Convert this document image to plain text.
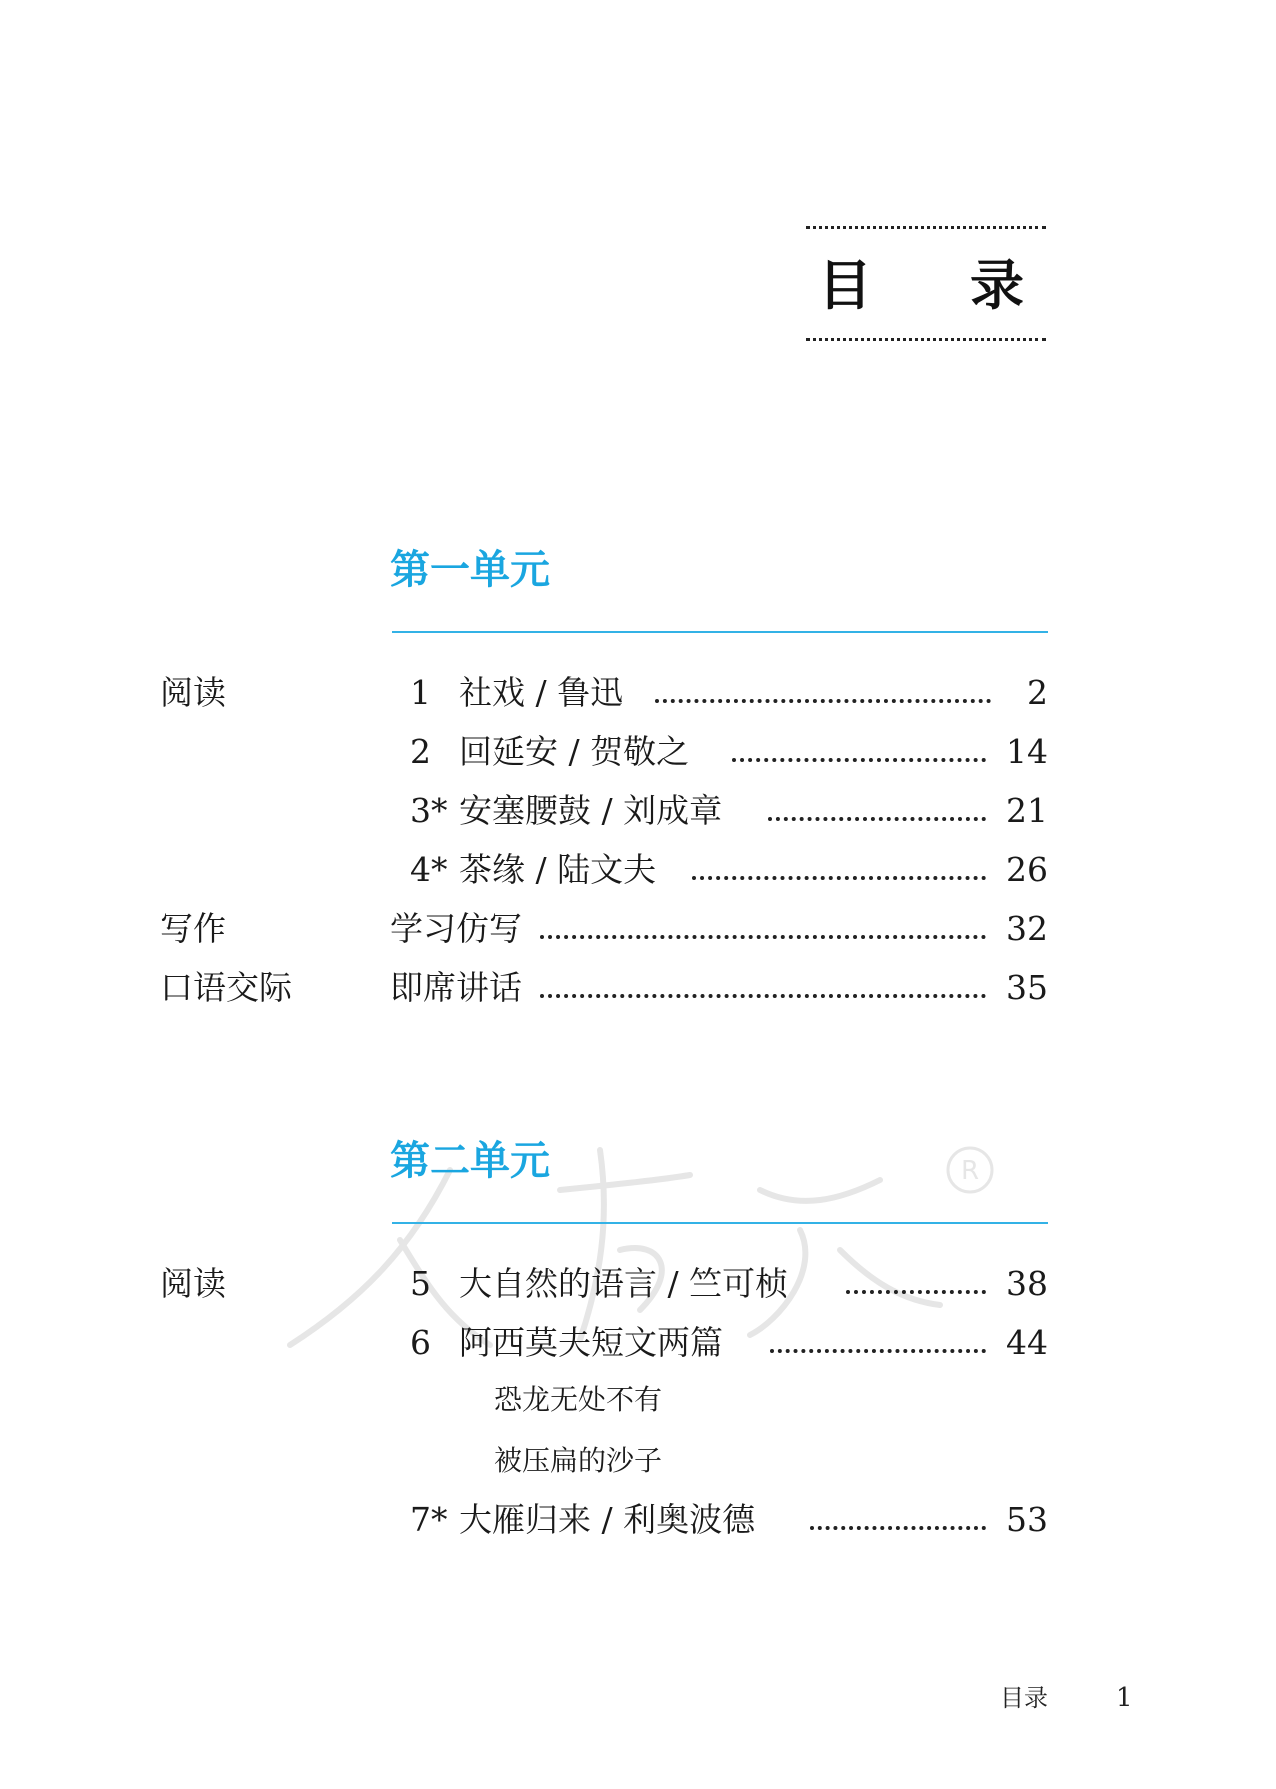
目 录
第一单元
阅读	1 社戏 / 鲁迅	2
2 回延安 / 贺敬之	14
3* 安塞腰鼓 / 刘成章	21
4* 茶缘 / 陆文夫	26
写作	学习仿写	32
口语交际	即席讲话	35
R
第二单元
阅读	5 大自然的语言 / 竺可桢	38
6 阿西莫夫短文两篇	44
恐龙无处不有
被压扁的沙子
7* 大雁归来 / 利奥波德	53
目录	1
